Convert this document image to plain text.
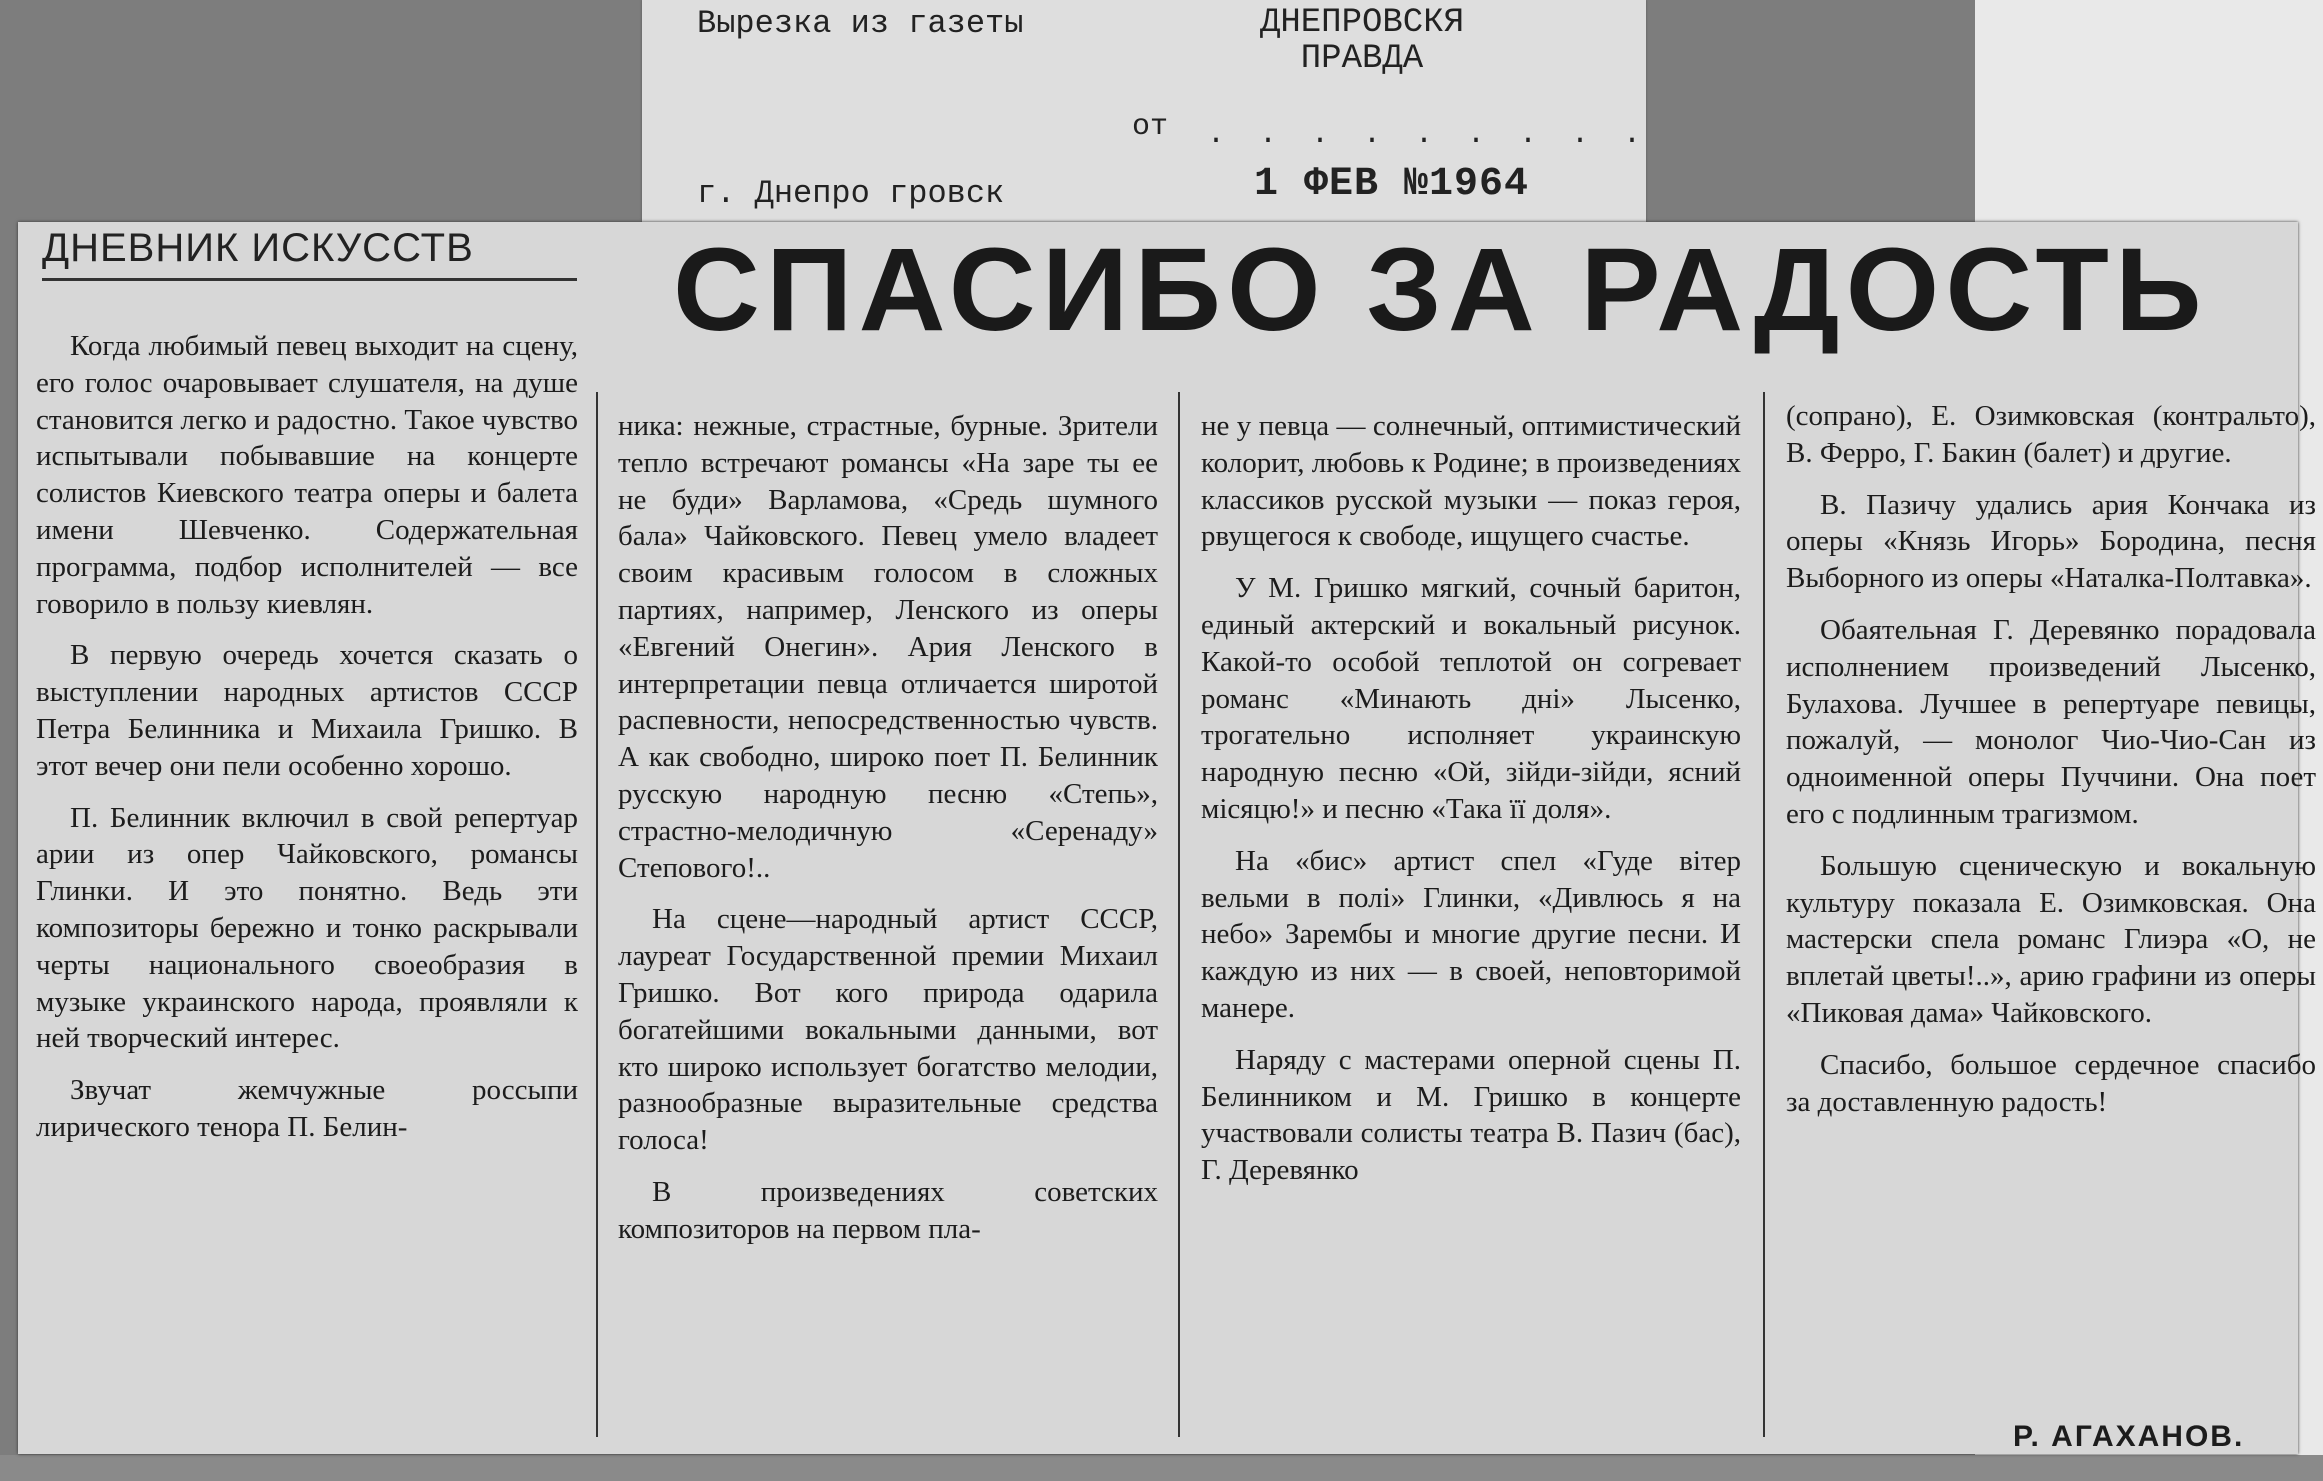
Вырезка из газеты	ДНЕПРОВСКЯ
ПРАВДА
от . . . . . . . . .
г. Днепро гровск	1 ФЕВ №1964
ДНЕВНИК ИСКУССТВ	СПАСИБО ЗА РАДОСТЬ

Когда любимый певец выходит на сцену, его голос очаровывает слушателя, на душе становится легко и радостно. Такое чувство испытывали побывавшие на концерте солистов Киевского театра оперы и балета имени Шевченко. Содержательная программа, подбор исполнителей — все говорило в пользу киевлян.

В первую очередь хочется сказать о выступлении народных артистов СССР Петра Белинника и Михаила Гришко. В этот вечер они пели особенно хорошо.

П. Белинник включил в свой репертуар арии из опер Чайковского, романсы Глинки. И это понятно. Ведь эти композиторы бережно и тонко раскрывали черты национального своеобразия в музыке украинского народа, проявляли к ней творческий интерес.

Звучат жемчужные россыпи лирического тенора П. Белин-

ника: нежные, страстные, бурные. Зрители тепло встречают романсы «На заре ты ее не буди» Варламова, «Средь шумного бала» Чайковского. Певец умело владеет своим красивым голосом в сложных партиях, например, Ленского из оперы «Евгений Онегин». Ария Ленского в интерпретации певца отличается широтой распевности, непосредственностью чувств. А как свободно, широко поет П. Белинник русскую народную песню «Степь», страстно-мелодичную «Серенаду» Степового!..

На сцене—народный артист СССР, лауреат Государственной премии Михаил Гришко. Вот кого природа одарила богатейшими вокальными данными, вот кто широко использует богатство мелодии, разнообразные выразительные средства голоса!

В произведениях советских композиторов на первом пла-

не у певца — солнечный, оптимистический колорит, любовь к Родине; в произведениях классиков русской музыки — показ героя, рвущегося к свободе, ищущего счастье.

У М. Гришко мягкий, сочный баритон, единый актерский и вокальный рисунок. Какой-то особой теплотой он согревает романс «Минають дні» Лысенко, трогательно исполняет украинскую народную песню «Ой, зійди-зійди, ясний місяцю!» и песню «Така її доля».

На «бис» артист спел «Гуде вітер вельми в полі» Глинки, «Дивлюсь я на небо» Зарембы и многие другие песни. И каждую из них — в своей, неповторимой манере.

Наряду с мастерами оперной сцены П. Белинником и М. Гришко в концерте участвовали солисты театра В. Пазич (бас), Г. Деревянко

(сопрано), Е. Озимковская (контральто), В. Ферро, Г. Бакин (балет) и другие.

В. Пазичу удались ария Кончака из оперы «Князь Игорь» Бородина, песня Выборного из оперы «Наталка-Полтавка».

Обаятельная Г. Деревянко порадовала исполнением произведений Лысенко, Булахова. Лучшее в репертуаре певицы, пожалуй, — монолог Чио-Чио-Сан из одноименной оперы Пуччини. Она поет его с подлинным трагизмом.

Большую сценическую и вокальную культуру показала Е. Озимковская. Она мастерски спела романс Глиэра «О, не вплетай цветы!..», арию графини из оперы «Пиковая дама» Чайковского.

Спасибо, большое сердечное спасибо за доставленную радость!

Р. АГАХАНОВ.
